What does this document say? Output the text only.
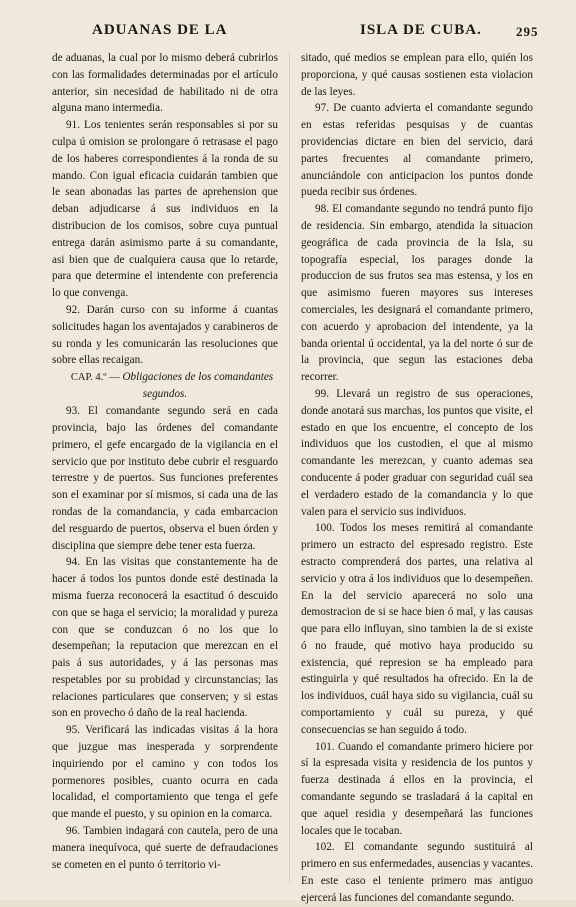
ADUANAS DE LA	ISLA DE CUBA.	295

de aduanas, la cual por lo mismo deberá cubrirlos con las formalidades determinadas por el artículo anterior, sin necesidad de habilitado ni de otra alguna mano intermedia.

91. Los tenientes serán responsables si por su culpa ú omision se prolongare ó retrasase el pago de los haberes correspondientes á la ronda de su mando. Con igual eficacia cuidarán tambien que le sean abonadas las partes de aprehension que deban adjudicarse á sus individuos en la distribucion de los comisos, sobre cuya puntual entrega darán asimismo parte á su comandante, asi bien que de cualquiera causa que lo retarde, para que determine el intendente con preferencia lo que convenga.

92. Darán curso con su informe á cuantas solicitudes hagan los aventajados y carabineros de su ronda y les comunicarán las resoluciones que sobre ellas recaigan.

CAP. 4.º — Obligaciones de los comandantes segundos.

93. El comandante segundo será en cada provincia, bajo las órdenes del comandante primero, el gefe encargado de la vigilancia en el servicio que por instituto debe cubrir el resguardo terrestre y de puertos. Sus funciones preferentes son el examinar por sí mismos, si cada una de las rondas de la comandancia, y cada embarcacion del resguardo de puertos, observa el buen órden y disciplina que siempre debe tener esta fuerza.

94. En las visitas que constantemente ha de hacer á todos los puntos donde esté destinada la misma fuerza reconocerá la esactitud ó descuido con que se haga el servicio; la moralidad y pureza con que se conduzcan ó no los que lo desempeñan; la reputacion que merezcan en el pais á sus autoridades, y á las personas mas respetables por su probidad y circunstancias; las relaciones particulares que conserven; y si estas son en provecho ó daño de la real hacienda.

95. Verificará las indicadas visitas á la hora que juzgue mas inesperada y sorprendente inquiriendo por el camino y con todos los pormenores posibles, cuanto ocurra en cada localidad, el comportamiento que tenga el gefe que mande el puesto, y su opinion en la comarca.

96. Tambien indagará con cautela, pero de una manera inequívoca, qué suerte de defraudaciones se cometen en el punto ó territorio vi-

sitado, qué medios se emplean para ello, quién los proporciona, y qué causas sostienen esta violacion de las leyes.

97. De cuanto advierta el comandante segundo en estas referidas pesquisas y de cuantas providencias dictare en bien del servicio, dará partes frecuentes al comandante primero, anunciándole con anticipacion los puntos donde pueda recibir sus órdenes.

98. El comandante segundo no tendrá punto fijo de residencia. Sin embargo, atendida la situacion geográfica de cada provincia de la Isla, su topografía especial, los parages donde la produccion de sus frutos sea mas estensa, y los en que asimismo fueren mayores sus intereses comerciales, les designará el comandante primero, con acuerdo y aprobacion del intendente, ya la banda oriental ú occidental, ya la del norte ó sur de la provincia, que segun las estaciones deba recorrer.

99. Llevará un registro de sus operaciones, donde anotará sus marchas, los puntos que visite, el estado en que los encuentre, el concepto de los individuos que los custodien, el que al mismo comandante les merezcan, y cuanto ademas sea conducente á poder graduar con seguridad cuál sea el verdadero estado de la comandancia y lo que valen para el servicio sus individuos.

100. Todos los meses remitirá al comandante primero un estracto del espresado registro. Este estracto comprenderá dos partes, una relativa al servicio y otra á los individuos que lo desempeñen. En la del servicio aparecerá no solo una demostracion de si se hace bien ó mal, y las causas que para ello influyan, sino tambien la de si existe ó no fraude, qué motivo haya producido su existencia, qué represion se ha empleado para estinguirla y qué resultados ha ofrecido. En la de los individuos, cuál haya sido su vigilancia, cuál su comportamiento y cuál su pureza, y qué consecuencias se han seguido á todo.

101. Cuando el comandante primero hiciere por sí la espresada visita y residencia de los puntos y fuerza destinada á ellos en la provincia, el comandante segundo se trasladará á la capital en que aquel residia y desempeñará las funciones locales que le tocaban.

102. El comandante segundo sustituirá al primero en sus enfermedades, ausencias y vacantes. En este caso el teniente primero mas antiguo ejercerá las funciones del comandante segundo.
